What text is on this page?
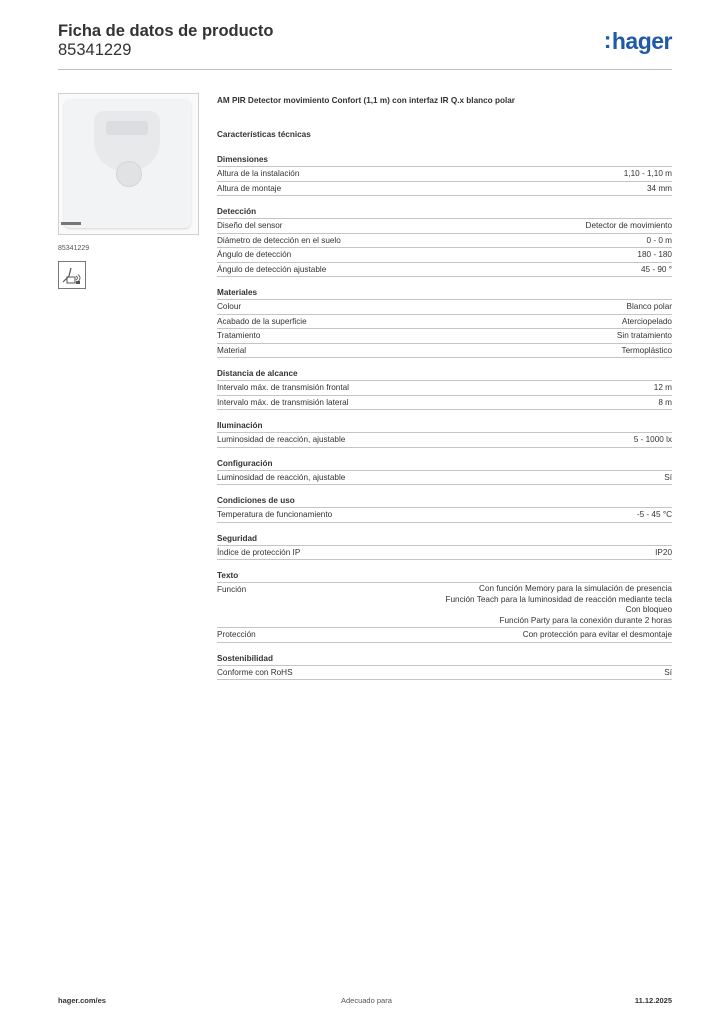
Ficha de datos de producto
85341229	:hager
85341229
AM PIR Detector movimiento Confort (1,1 m) con interfaz IR Q.x blanco polar
Características técnicas
Dimensiones
Altura de la instalación	1,10 - 1,10 m
Altura de montaje	34 mm
Detección
Diseño del sensor	Detector de movimiento
Diámetro de detección en el suelo	0 - 0 m
Ángulo de detección	180 - 180
Ángulo de detección ajustable	45 - 90 °
Materiales
Colour	Blanco polar
Acabado de la superficie	Aterciopelado
Tratamiento	Sin tratamiento
Material	Termoplástico
Distancia de alcance
Intervalo máx. de transmisión frontal	12 m
Intervalo máx. de transmisión lateral	8 m
Iluminación
Luminosidad de reacción, ajustable	5 - 1000 lx
Configuración
Luminosidad de reacción, ajustable	Sí
Condiciones de uso
Temperatura de funcionamiento	-5 - 45 °C
Seguridad
Índice de protección IP	IP20
Texto
Función	Con función Memory para la simulación de presencia
Función Teach para la luminosidad de reacción mediante tecla
Con bloqueo
Función Party para la conexión durante 2 horas
Protección	Con protección para evitar el desmontaje
Sostenibilidad
Conforme con RoHS	Sí
hager.com/es	Adecuado para	11.12.2025
